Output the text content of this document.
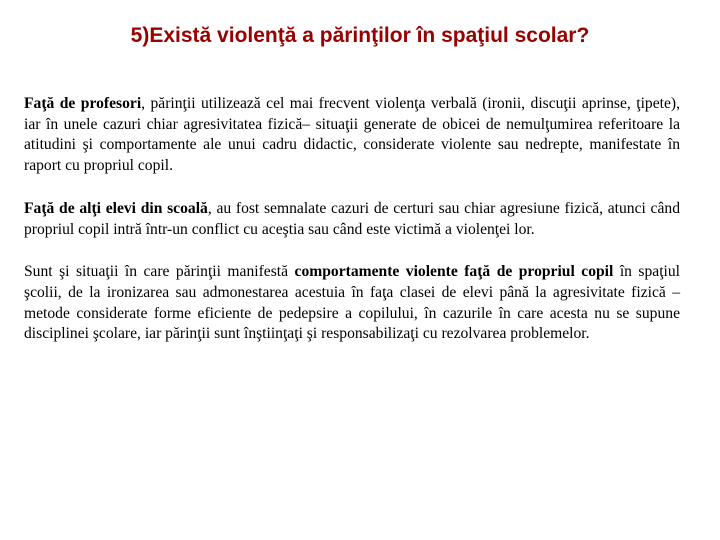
5)Există violenţă a părinţilor în spaţiul scolar?

Faţă de profesori, părinţii utilizează cel mai frecvent violenţa verbală (ironii, discuţii aprinse, ţipete), iar în unele cazuri chiar agresivitatea fizică– situaţii generate de obicei de nemulţumirea referitoare la atitudini şi comportamente ale unui cadru didactic, considerate violente sau nedrepte, manifestate în raport cu propriul copil.

Faţă de alţi elevi din scoală, au fost semnalate cazuri de certuri sau chiar agresiune fizică, atunci când propriul copil intră într-un conflict cu aceştia sau când este victimă a violenţei lor.

Sunt şi situaţii în care părinţii manifestă comportamente violente faţă de propriul copil în spaţiul şcolii, de la ironizarea sau admonestarea acestuia în faţa clasei de elevi până la agresivitate fizică – metode considerate forme eficiente de pedepsire a copilului, în cazurile în care acesta nu se supune disciplinei şcolare, iar părinţii sunt înştiinţaţi şi responsabilizaţi cu rezolvarea problemelor.
